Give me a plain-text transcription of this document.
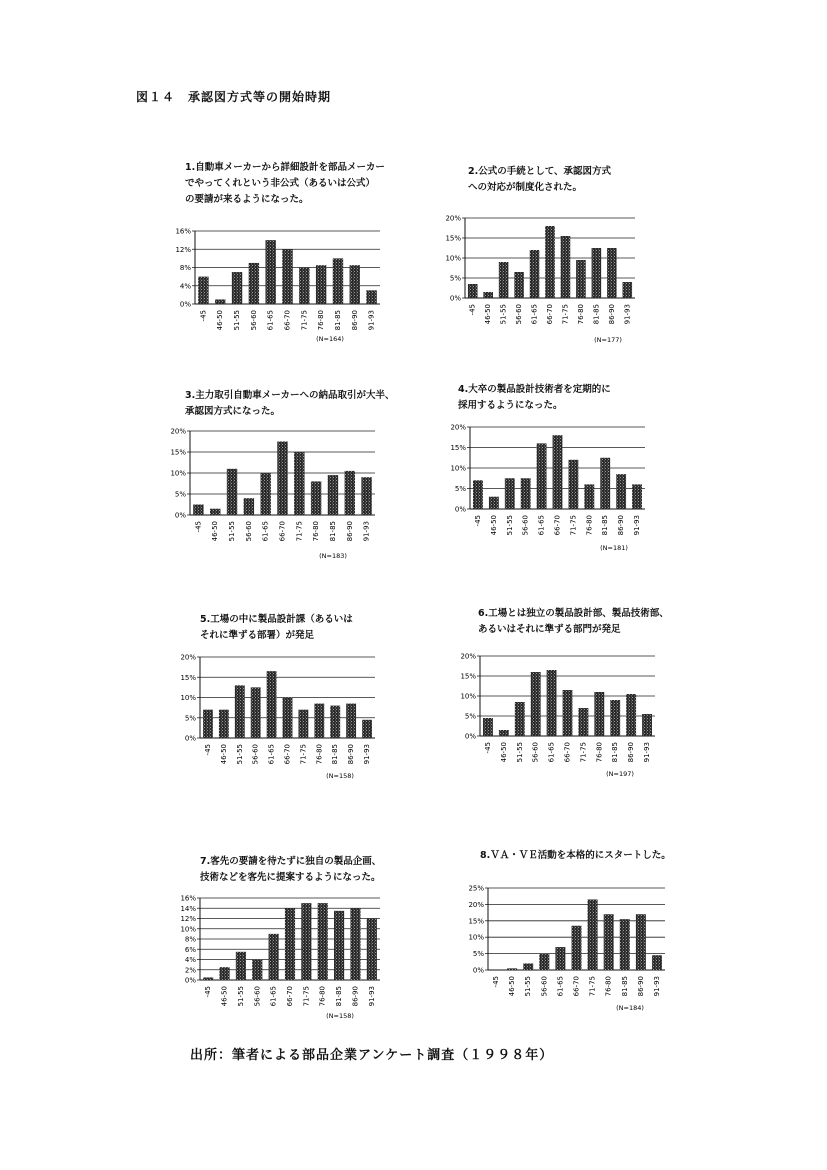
図１４　承認図方式等の開始時期
1.自動車メーカーから詳細設計を部品メーカー
でやってくれという非公式（あるいは公式）
の要請が来るようになった。
0%
4%
8%
12%
16%
-45 46-50 51-55 56-60 61-65 66-70 71-75 76-80 81-85 86-90 91-93
(N=164)
2.公式の手続として、承認図方式
への対応が制度化された。
0%
5%
10%
15%
20%
-45 46-50 51-55 56-60 61-65 66-70 71-75 76-80 81-85 86-90 91-93
(N=177)
3.主力取引自動車メーカーへの納品取引が大半、
承認図方式になった。
0%
5%
10%
15%
20%
-45 46-50 51-55 56-60 61-65 66-70 71-75 76-80 81-85 86-90 91-93
(N=183)
4.大卒の製品設計技術者を定期的に
採用するようになった。
0%
5%
10%
15%
20%
-45 46-50 51-55 56-60 61-65 66-70 71-75 76-80 81-85 86-90 91-93
(N=181)
5.工場の中に製品設計課（あるいは
それに準ずる部署）が発足
0%
5%
10%
15%
20%
-45 46-50 51-55 56-60 61-65 66-70 71-75 76-80 81-85 86-90 91-93
(N=158)
6.工場とは独立の製品設計部、製品技術部、
あるいはそれに準ずる部門が発足
0%
5%
10%
15%
20%
-45 46-50 51-55 56-60 61-65 66-70 71-75 76-80 81-85 86-90 91-93
(N=197)
7.客先の要請を待たずに独自の製品企画、
技術などを客先に提案するようになった。
0%
2%
4%
6%
8%
10%
12%
14%
16%
-45 46-50 51-55 56-60 61-65 66-70 71-75 76-80 81-85 86-90 91-93
(N=158)
8.ＶＡ・ＶＥ活動を本格的にスタートした。
0%
5%
10%
15%
20%
25%
-45 46-50 51-55 56-60 61-65 66-70 71-75 76-80 81-85 86-90 91-93
(N=184)
出所：筆者による部品企業アンケート調査（１９９８年）
